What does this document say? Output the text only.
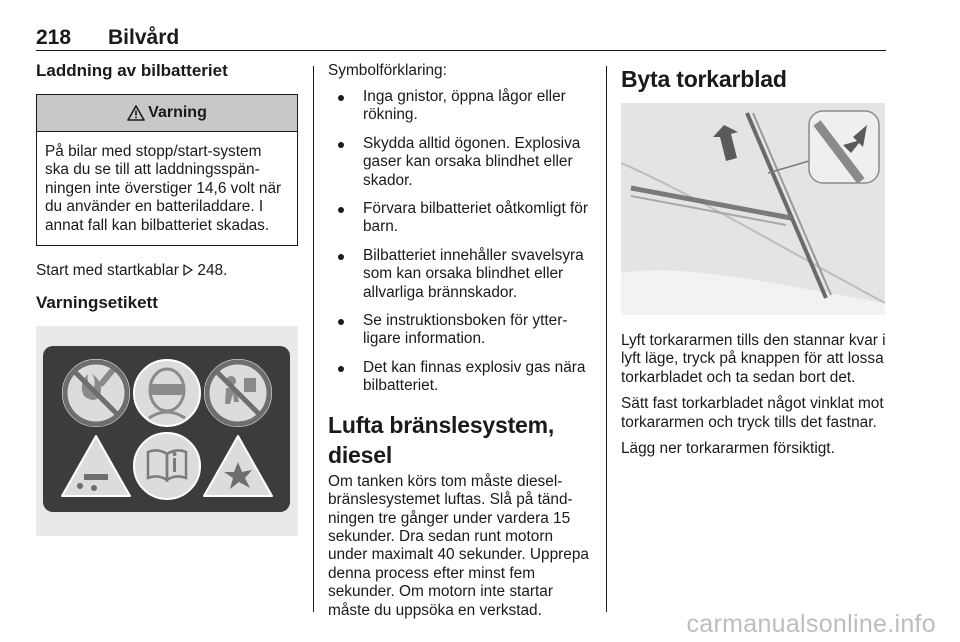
218 Bilvård
Laddning av bilbatteriet
Varning
På bilar med stopp/start-system ska du se till att laddningsspän-ningen inte överstiger 14,6 volt när du använder en batteriladdare. I annat fall kan bilbatteriet skadas.

Start med startkablar 248.

Varningsetikett

Symbolförklaring:

Inga gnistor, öppna lågor eller rökning.
Skydda alltid ögonen. Explosiva gaser kan orsaka blindhet eller skador.
Förvara bilbatteriet oåtkomligt för barn.
Bilbatteriet innehåller svavelsyra som kan orsaka blindhet eller allvarliga brännskador.
Se instruktionsboken för ytter-ligare information.
Det kan finnas explosiv gas nära bilbatteriet.
Lufta bränslesystem, diesel

Om tanken körs tom måste diesel-bränslesystemet luftas. Slå på tänd-ningen tre gånger under vardera 15 sekunder. Dra sedan runt motorn under maximalt 40 sekunder. Upprepa denna process efter minst fem sekunder. Om motorn inte startar måste du uppsöka en verkstad.

Byta torkarblad

Lyft torkararmen tills den stannar kvar i lyft läge, tryck på knappen för att lossa torkarbladet och ta sedan bort det.

Sätt fast torkarbladet något vinklat mot torkararmen och tryck tills det fastnar.

Lägg ner torkararmen försiktigt.

carmanualsonline.info
